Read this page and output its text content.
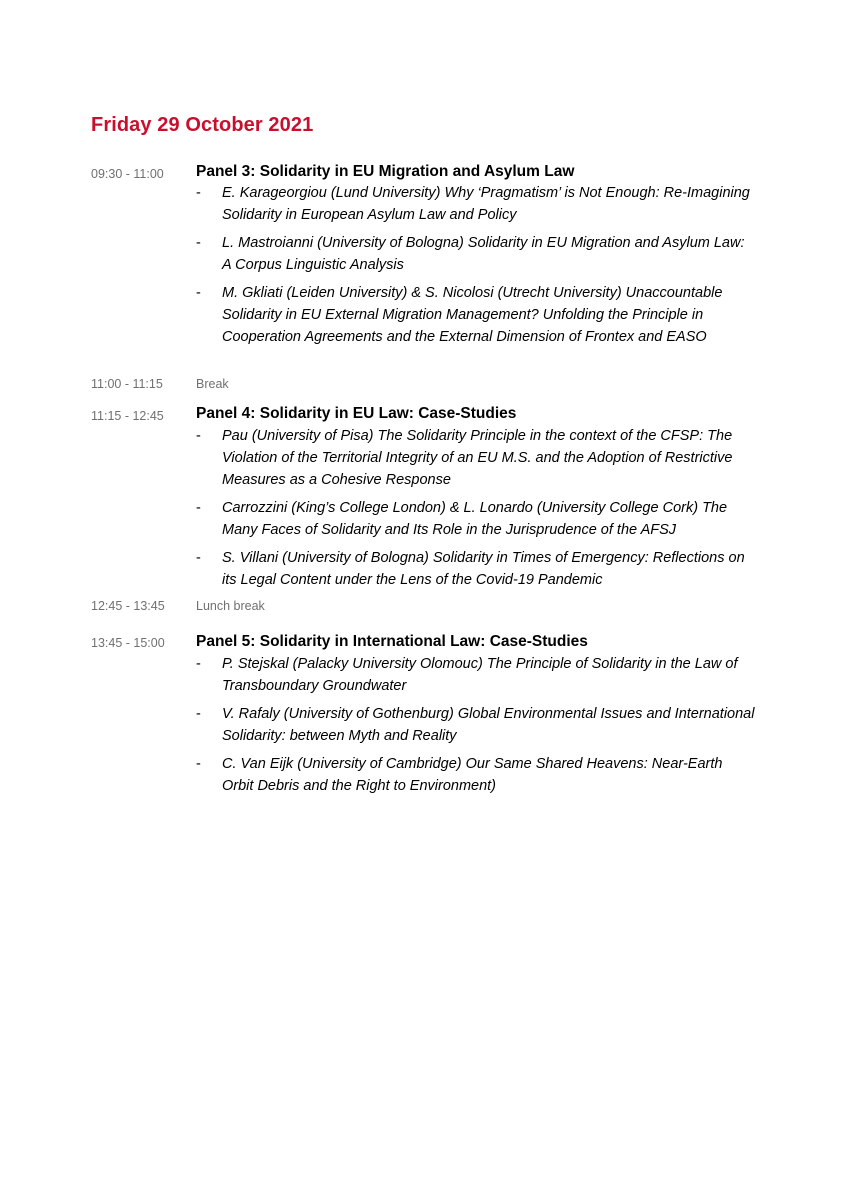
Friday 29 October 2021
09:30 - 11:00 Panel 3: Solidarity in EU Migration and Asylum Law
- E. Karageorgiou (Lund University) Why ‘Pragmatism’ is Not Enough: Re-Imagining Solidarity in European Asylum Law and Policy
- L. Mastroianni (University of Bologna) Solidarity in EU Migration and Asylum Law: A Corpus Linguistic Analysis
- M. Gkliati (Leiden University) & S. Nicolosi (Utrecht University) Unaccountable Solidarity in EU External Migration Management? Unfolding the Principle in Cooperation Agreements and the External Dimension of Frontex and EASO
11:00 - 11:15	Break
11:15 - 12:45 Panel 4: Solidarity in EU Law: Case-Studies
- Pau (University of Pisa) The Solidarity Principle in the context of the CFSP: The Violation of the Territorial Integrity of an EU M.S. and the Adoption of Restrictive Measures as a Cohesive Response
- Carrozzini (King’s College London) & L. Lonardo (University College Cork) The Many Faces of Solidarity and Its Role in the Jurisprudence of the AFSJ
- S. Villani (University of Bologna) Solidarity in Times of Emergency: Reflections on its Legal Content under the Lens of the Covid-19 Pandemic
12:45 - 13:45	Lunch break
13:45 - 15:00 Panel 5: Solidarity in International Law: Case-Studies
- P. Stejskal (Palacky University Olomouc) The Principle of Solidarity in the Law of Transboundary Groundwater
- V. Rafaly (University of Gothenburg) Global Environmental Issues and International Solidarity: between Myth and Reality
- C. Van Eijk (University of Cambridge) Our Same Shared Heavens: Near-Earth Orbit Debris and the Right to Environment)
